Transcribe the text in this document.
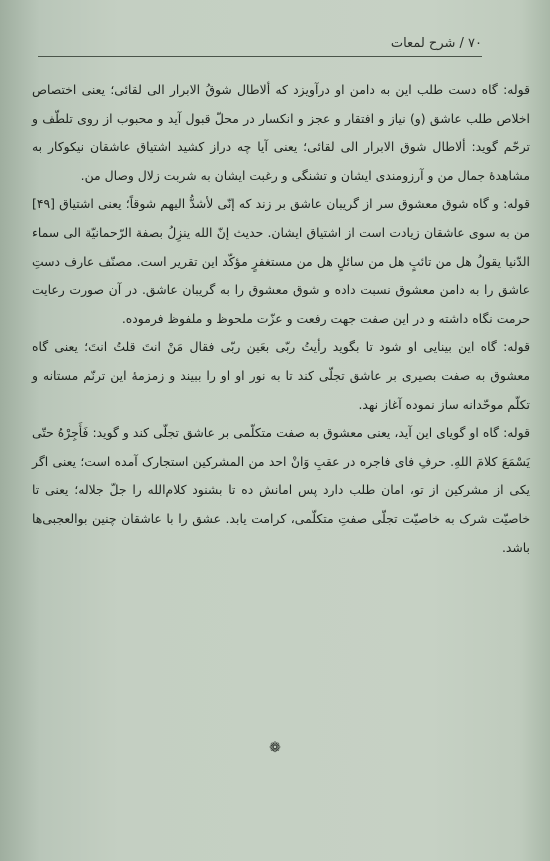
۷۰ / شرح لمعات

قوله: گاه دست طلب این به دامن او درآویزد که ألاطال شوقُ الابرار الی لقائی؛ یعنی اختصاص اخلاص طلب عاشق (و) نیاز و افتقار و عجز و انکسار در محلّ قبول آید و محبوب از روی تلطّف و ترحّم گوید: ألاطال شوق الابرار الی لقائی؛ یعنی آیا چه دراز کشید اشتیاق عاشقان نیکوکار به مشاهدهٔ جمال من و آرزومندی ایشان و تشنگی و رغبت ایشان به شربت زلال وصال من.

قوله: و گاه شوق معشوق سر از گریبان عاشق بر زند که إنّی لأشدُّ الیهم شوقاً؛ یعنی اشتیاق [۴۹] من به سوی عاشقان زیادت است از اشتیاق ایشان. حدیث إنّ الله ینزِلُ بصفة الرّحمانیّة الی سماء الدّنیا یقولُ هل من تائبٍ هل من سائلٍ هل من مستغفرٍ مؤکّد این تقریر است. مصنّف عارف دستِ عاشق را به دامن معشوق نسبت داده و شوق معشوق را به گریبان عاشق. در آن صورت رعایت حرمت نگاه داشته و در این صفت جهت رفعت و عزّت ملحوظ و ملفوظ فرموده.

قوله: گاه این بینایی او شود تا بگوید رأیتُ ربّی بعَین ربّی فقال مَنْ انتَ قلتُ انتَ؛ یعنی گاه معشوق به صفت بصیری بر عاشق تجلّی کند تا به نور او او را ببیند و زمزمهٔ این ترنّم مستانه و تکلّم موحّدانه ساز نموده آغاز نهد.

قوله: گاه او گویای این آید، یعنی معشوق به صفت متکلّمی بر عاشق تجلّی کند و گوید: فَأَجِرْهُ حتّی یَسْمَعَ کلامَ اللهِ. حرفِ فای فاجره در عقبِ وَانْ احد من المشرکین استجارک آمده است؛ یعنی اگر یکی از مشرکین از تو، امان طلب دارد پس امانش ده تا بشنود کلام‌الله را جلّ جلاله؛ یعنی تا خاصیّت شرک به خاصیّت تجلّی صفتِ متکلّمی، کرامت یابد. عشق را با عاشقان چنین بوالعجبی‌ها باشد.

❁
